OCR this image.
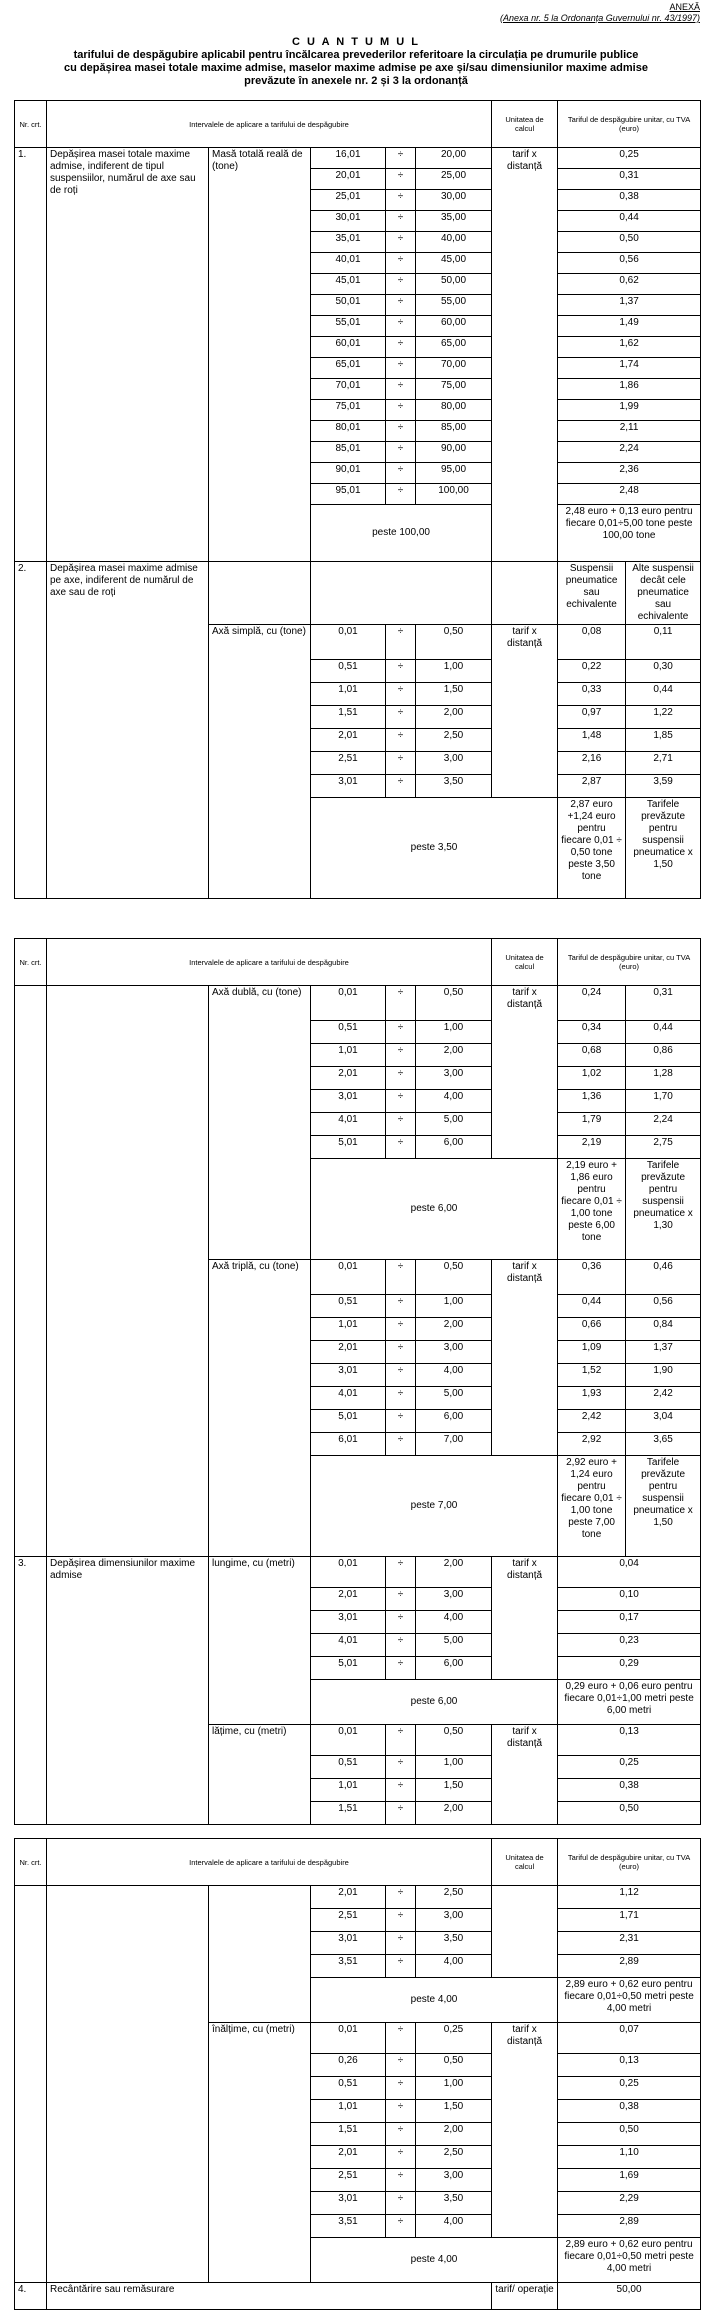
ANEXĂ
(Anexa nr. 5 la Ordonanța Guvernului nr. 43/1997)
C U A N T U M U L
tarifului de despăgubire aplicabil pentru încălcarea prevederilor referitoare la circulația pe drumurile publice
cu depășirea masei totale maxime admise, maselor maxime admise pe axe și/sau dimensiunilor maxime admise
prevăzute în anexele nr. 2 și 3 la ordonanță
Nr. crt.	Intervalele de aplicare a tarifului de despăgubire					Unitatea de calcul	Tariful de despăgubire unitar, cu TVA (euro)	
1.	Depășirea masei totale maxime admise, indiferent de tipul suspensiilor, numărul de axe sau de roți	Masă totală reală de (tone)	16,01	÷	20,00	tarif x distanță	0,25	
			20,01	÷	25,00		0,31	
			25,01	÷	30,00		0,38	
			30,01	÷	35,00		0,44	
			35,01	÷	40,00		0,50	
			40,01	÷	45,00		0,56	
			45,01	÷	50,00		0,62	
			50,01	÷	55,00		1,37	
			55,01	÷	60,00		1,49	
			60,01	÷	65,00		1,62	
			65,01	÷	70,00		1,74	
			70,01	÷	75,00		1,86	
			75,01	÷	80,00		1,99	
			80,01	÷	85,00		2,11	
			85,01	÷	90,00		2,24	
			90,01	÷	95,00		2,36	
			95,01	÷	100,00		2,48	
			peste 100,00				2,48 euro + 0,13 euro pentru fiecare 0,01÷5,00 tone peste 100,00 tone	
2.	Depășirea masei maxime admise pe axe, indiferent de numărul de axe sau de roți						Suspensii pneumatice sau echivalente	Alte suspensii decât cele pneumatice sau echivalente
		Axă simplă, cu (tone)	0,01	÷	0,50	tarif x distanță	0,08	0,11
			0,51	÷	1,00		0,22	0,30
			1,01	÷	1,50		0,33	0,44
			1,51	÷	2,00		0,97	1,22
			2,01	÷	2,50		1,48	1,85
			2,51	÷	3,00		2,16	2,71
			3,01	÷	3,50		2,87	3,59
			peste 3,50				2,87 euro +1,24 euro pentru fiecare 0,01 ÷ 0,50 tone peste 3,50 tone	Tarifele prevăzute pentru suspensii pneumatice x 1,50
Nr. crt.	Intervalele de aplicare a tarifului de despăgubire					Unitatea de calcul	Tariful de despăgubire unitar, cu TVA (euro)	
		Axă dublă, cu (tone)	0,01	÷	0,50	tarif x distanță	0,24	0,31
			0,51	÷	1,00		0,34	0,44
			1,01	÷	2,00		0,68	0,86
			2,01	÷	3,00		1,02	1,28
			3,01	÷	4,00		1,36	1,70
			4,01	÷	5,00		1,79	2,24
			5,01	÷	6,00		2,19	2,75
			peste 6,00				2,19 euro + 1,86 euro pentru fiecare 0,01 ÷ 1,00 tone peste 6,00 tone	Tarifele prevăzute pentru suspensii pneumatice x 1,30
		Axă triplă, cu (tone)	0,01	÷	0,50	tarif x distanță	0,36	0,46
			0,51	÷	1,00		0,44	0,56
			1,01	÷	2,00		0,66	0,84
			2,01	÷	3,00		1,09	1,37
			3,01	÷	4,00		1,52	1,90
			4,01	÷	5,00		1,93	2,42
			5,01	÷	6,00		2,42	3,04
			6,01	÷	7,00		2,92	3,65
			peste 7,00				2,92 euro + 1,24 euro pentru fiecare 0,01 ÷ 1,00 tone peste 7,00 tone	Tarifele prevăzute pentru suspensii pneumatice x 1,50
3.	Depășirea dimensiunilor maxime admise	lungime, cu (metri)	0,01	÷	2,00	tarif x distanță	0,04	
			2,01	÷	3,00		0,10	
			3,01	÷	4,00		0,17	
			4,01	÷	5,00		0,23	
			5,01	÷	6,00		0,29	
			peste 6,00				0,29 euro + 0,06 euro pentru fiecare 0,01÷1,00 metri peste 6,00 metri	
		lățime, cu (metri)	0,01	÷	0,50	tarif x distanță	0,13	
			0,51	÷	1,00		0,25	
			1,01	÷	1,50		0,38	
			1,51	÷	2,00		0,50	
Nr. crt.	Intervalele de aplicare a tarifului de despăgubire					Unitatea de calcul	Tariful de despăgubire unitar, cu TVA (euro)
			2,01	÷	2,50		1,12
			2,51	÷	3,00		1,71
			3,01	÷	3,50		2,31
			3,51	÷	4,00		2,89
			peste 4,00				2,89 euro + 0,62 euro pentru fiecare 0,01÷0,50 metri peste 4,00 metri
		înălțime, cu (metri)	0,01	÷	0,25	tarif x distanță	0,07
			0,26	÷	0,50		0,13
			0,51	÷	1,00		0,25
			1,01	÷	1,50		0,38
			1,51	÷	2,00		0,50
			2,01	÷	2,50		1,10
			2,51	÷	3,00		1,69
			3,01	÷	3,50		2,29
			3,51	÷	4,00		2,89
			peste 4,00				2,89 euro + 0,62 euro pentru fiecare 0,01÷0,50 metri peste 4,00 metri
4.	Recântărire sau remăsurare					tarif/ operație	50,00
